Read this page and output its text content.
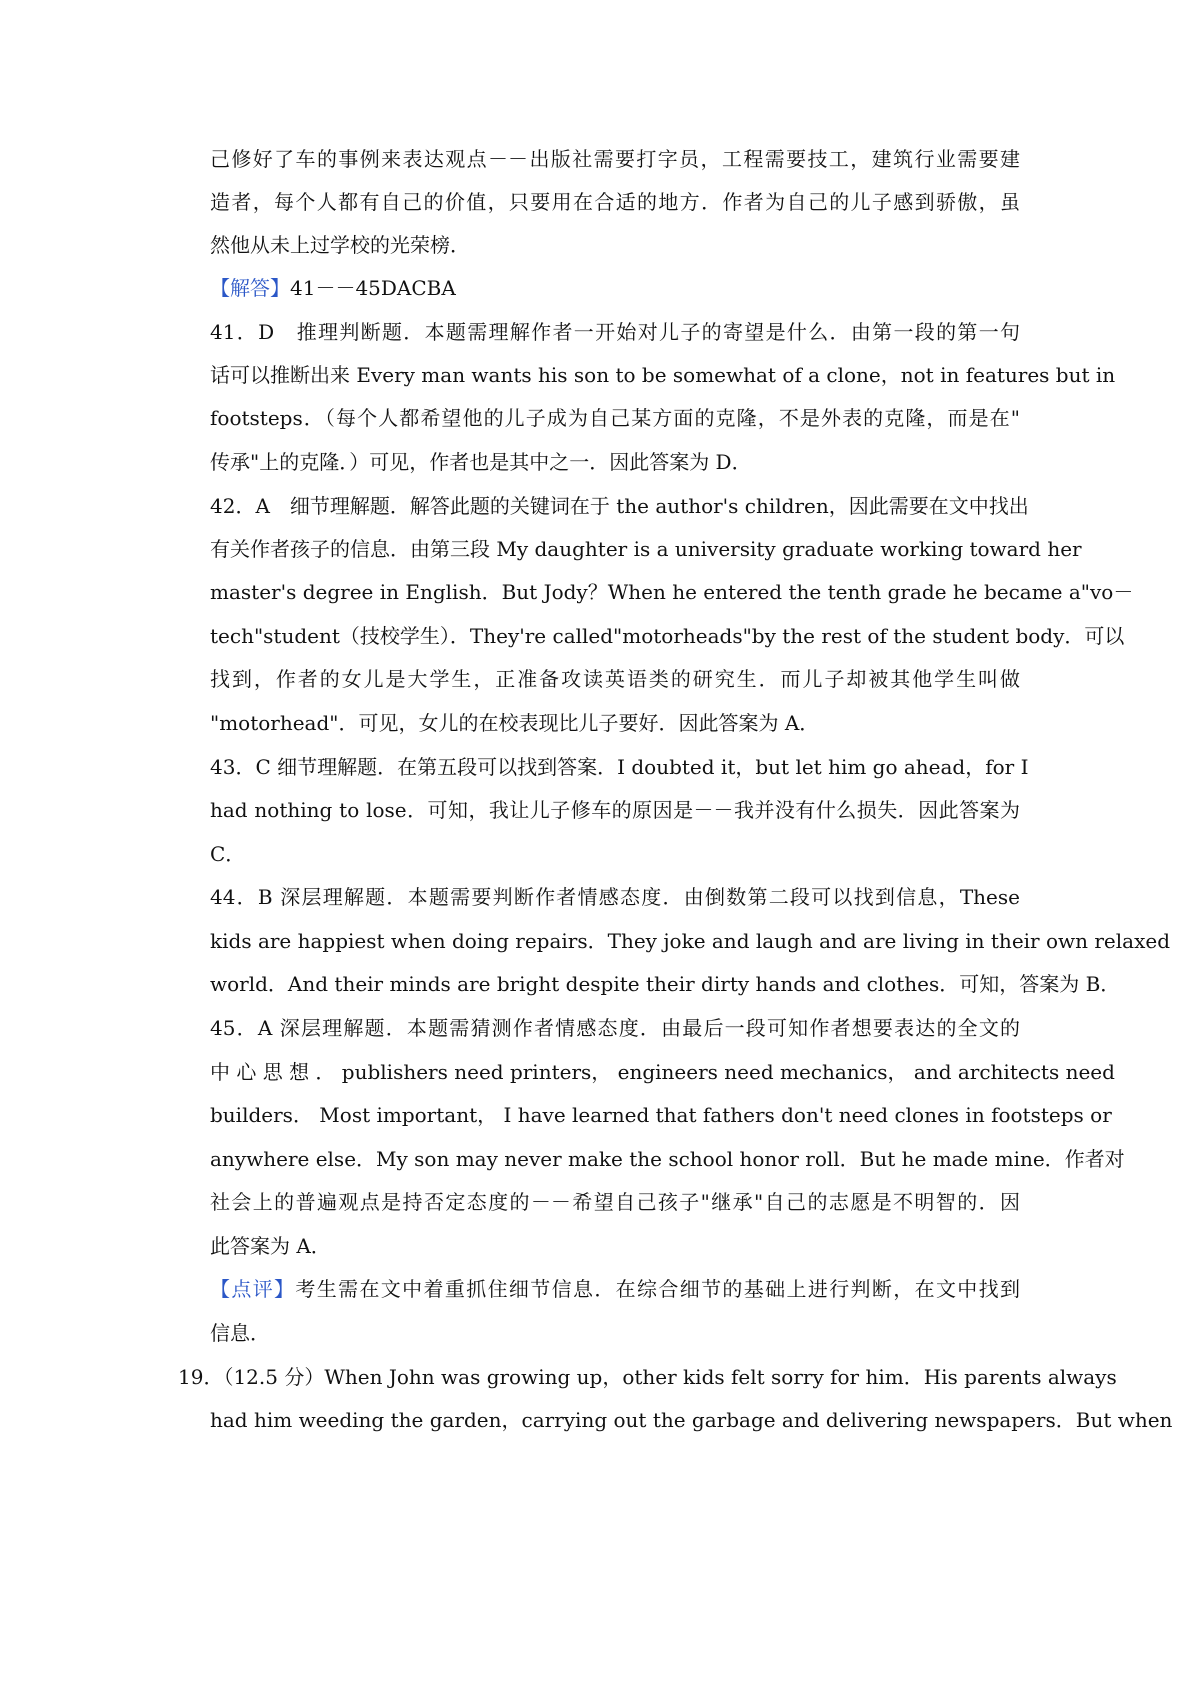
己修好了车的事例来表达观点－－出版社需要打字员，工程需要技工，建筑行业需要建
造者，每个人都有自己的价值，只要用在合适的地方．作者为自己的儿子感到骄傲，虽
然他从未上过学校的光荣榜．
【解答】41－－45DACBA
41．D　推理判断题．本题需理解作者一开始对儿子的寄望是什么．由第一段的第一句
话可以推断出来 Every man wants his son to be somewhat of a clone，not in features but in
footsteps．（每个人都希望他的儿子成为自己某方面的克隆，不是外表的克隆，而是在"
传承"上的克隆．）可见，作者也是其中之一．因此答案为 D．
42．A　细节理解题．解答此题的关键词在于 the author's children，因此需要在文中找出
有关作者孩子的信息．由第三段 My daughter is a university graduate working toward her
master's degree in English．But Jody？When he entered the tenth grade he became a"vo－
tech"student（技校学生）．They're called"motorheads"by the rest of the student body．可以
找到，作者的女儿是大学生，正准备攻读英语类的研究生．而儿子却被其他学生叫做
"motorhead"．可见，女儿的在校表现比儿子要好．因此答案为 A．
43．C 细节理解题．在第五段可以找到答案．I doubted it，but let him go ahead，for I
had nothing to lose．可知，我让儿子修车的原因是－－我并没有什么损失．因此答案为
C．
44．B 深层理解题．本题需要判断作者情感态度．由倒数第二段可以找到信息，These
kids are happiest when doing repairs．They joke and laugh and are living in their own relaxed
world．And their minds are bright despite their dirty hands and clothes．可知，答案为 B．
45．A 深层理解题．本题需猜测作者情感态度．由最后一段可知作者想要表达的全文的
中 心 思 想 ． publishers need printers， engineers need mechanics， and architects need
builders． Most important， I have learned that fathers don't need clones in footsteps or
anywhere else．My son may never make the school honor roll．But he made mine．作者对
社会上的普遍观点是持否定态度的－－希望自己孩子"继承"自己的志愿是不明智的．因
此答案为 A．
【点评】考生需在文中着重抓住细节信息．在综合细节的基础上进行判断，在文中找到
信息．
19．（12.5 分）When John was growing up，other kids felt sorry for him．His parents always
had him weeding the garden，carrying out the garbage and delivering newspapers．But when
